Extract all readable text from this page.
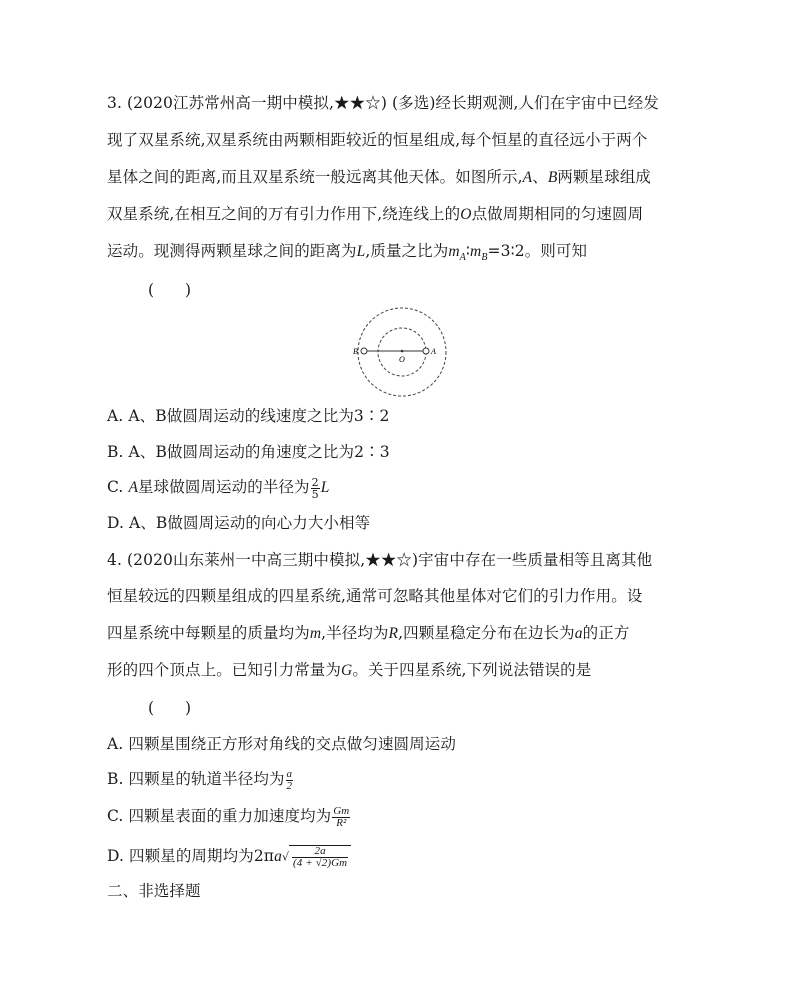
3. (2020江苏常州高一期中模拟,★★☆) (多选)经长期观测,人们在宇宙中已经发
现了双星系统,双星系统由两颗相距较近的恒星组成,每个恒星的直径远小于两个
星体之间的距离,而且双星系统一般远离其他天体。如图所示,A、B两颗星球组成
双星系统,在相互之间的万有引力作用下,绕连线上的O点做周期相同的匀速圆周
运动。现测得两颗星球之间的距离为L,质量之比为$m_A∶m_B=3∶2$。则可知
(　　)
B
O
A
A. A、B做圆周运动的线速度之比为3∶2
B. A、B做圆周运动的角速度之比为2∶3
C. A星球做圆周运动的半径为 $\frac{2}{5}$ L
D. A、B做圆周运动的向心力大小相等
4. (2020山东莱州一中高三期中模拟,★★☆)宇宙中存在一些质量相等且离其他
恒星较远的四颗星组成的四星系统,通常可忽略其他星体对它们的引力作用。设
四星系统中每颗星的质量均为m,半径均为R,四颗星稳定分布在边长为a的正方
形的四个顶点上。已知引力常量为G。关于四星系统,下列说法错误的是
(　　)
A. 四颗星围绕正方形对角线的交点做匀速圆周运动
B. 四颗星的轨道半径均为 $\frac{a}{2}$
C. 四颗星表面的重力加速度均为 $\frac{Gm}{\text{R²}}$
D. 四颗星的周期均为$2\pi a√ \frac{2a}{(4 + √2)Gm}$
二、非选择题
